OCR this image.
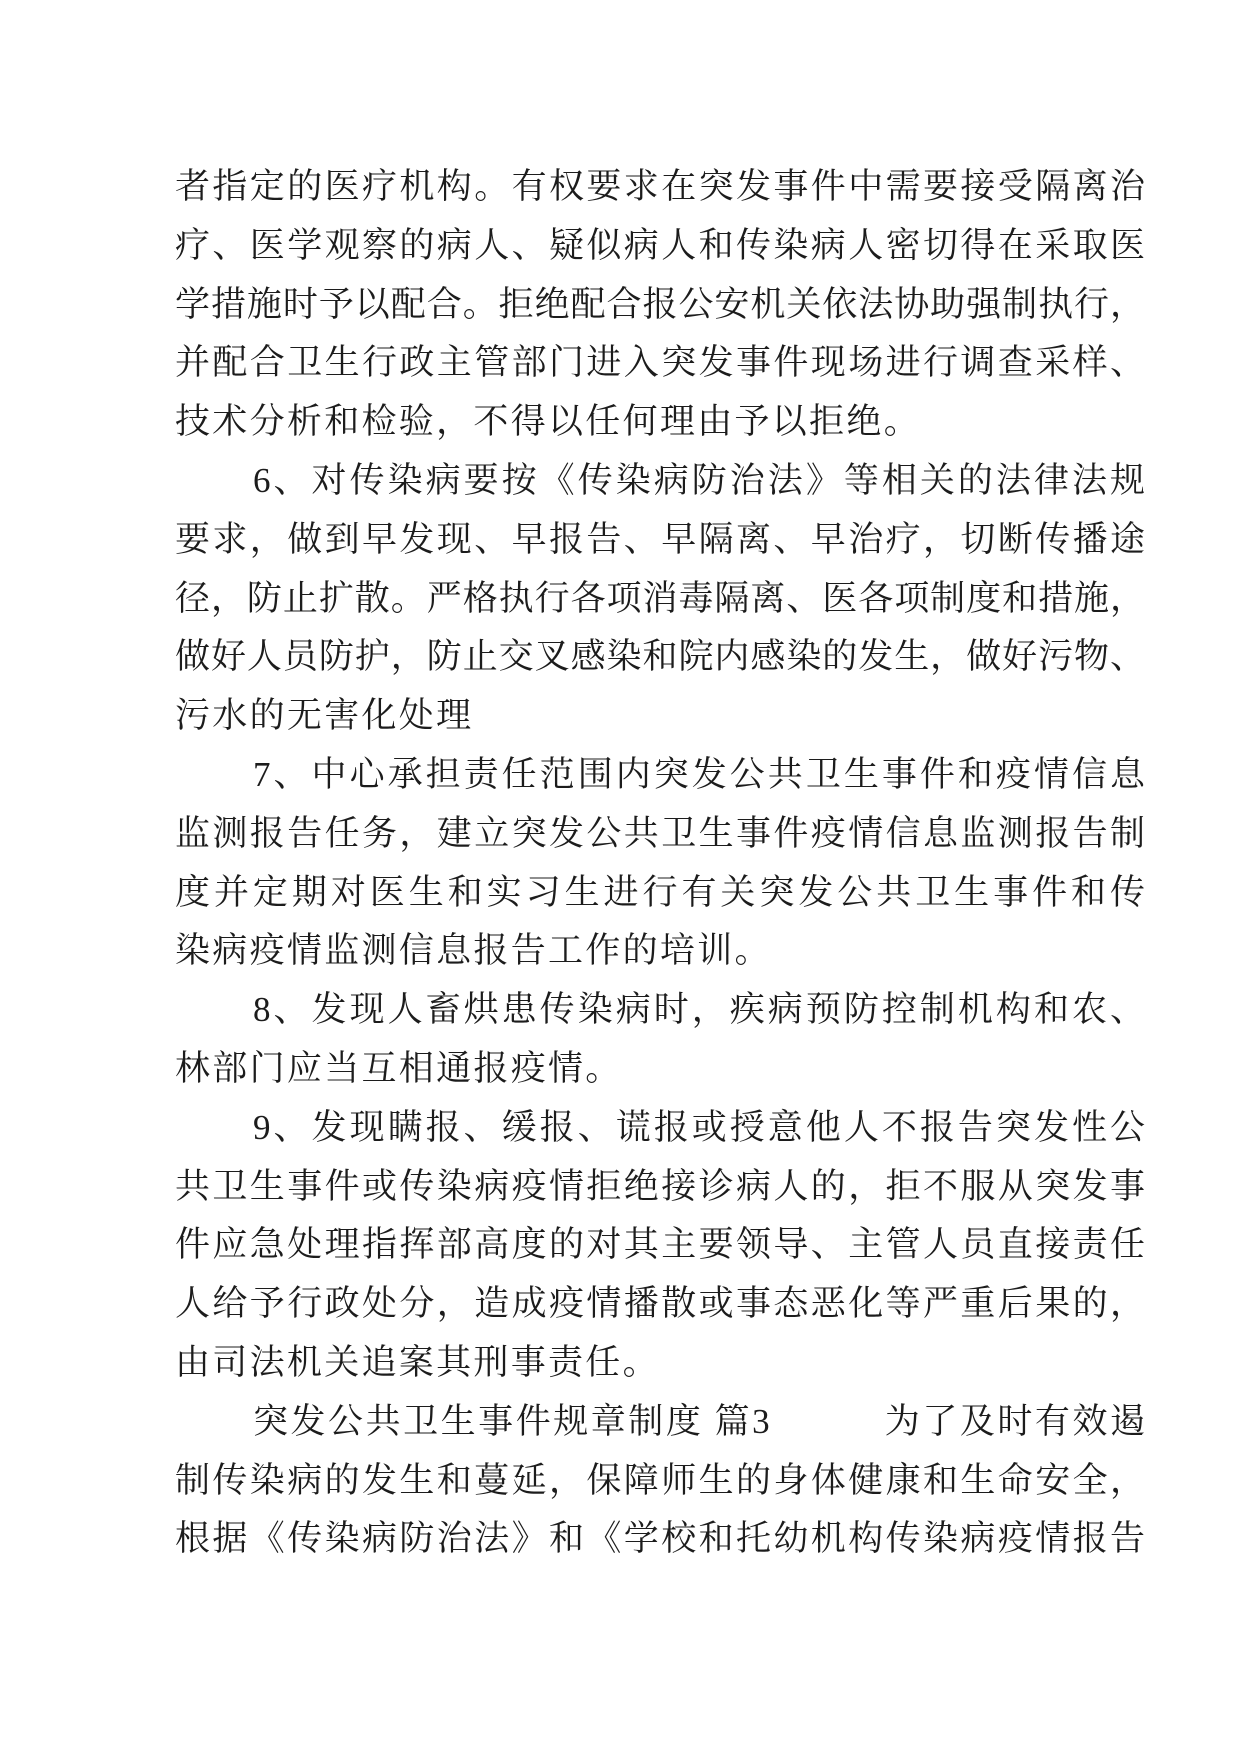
者指定的医疗机构。有权要求在突发事件中需要接受隔离治

疗、医学观察的病人、疑似病人和传染病人密切得在采取医

学措施时予以配合。拒绝配合报公安机关依法协助强制执行，

并配合卫生行政主管部门进入突发事件现场进行调查采样、

技术分析和检验，不得以任何理由予以拒绝。

6、对传染病要按《传染病防治法》等相关的法律法规

要求，做到早发现、早报告、早隔离、早治疗，切断传播途

径，防止扩散。严格执行各项消毒隔离、医各项制度和措施，

做好人员防护，防止交叉感染和院内感染的发生，做好污物、

污水的无害化处理

7、中心承担责任范围内突发公共卫生事件和疫情信息

监测报告任务，建立突发公共卫生事件疫情信息监测报告制

度并定期对医生和实习生进行有关突发公共卫生事件和传

染病疫情监测信息报告工作的培训。

8、发现人畜烘患传染病时，疾病预防控制机构和农、

林部门应当互相通报疫情。

9、发现瞒报、缓报、谎报或授意他人不报告突发性公

共卫生事件或传染病疫情拒绝接诊病人的，拒不服从突发事

件应急处理指挥部高度的对其主要领导、主管人员直接责任

人给予行政处分，造成疫情播散或事态恶化等严重后果的，

由司法机关追案其刑事责任。

突发公共卫生事件规章制度 篇3　　　为了及时有效遏

制传染病的发生和蔓延，保障师生的身体健康和生命安全，

根据《传染病防治法》和《学校和托幼机构传染病疫情报告
